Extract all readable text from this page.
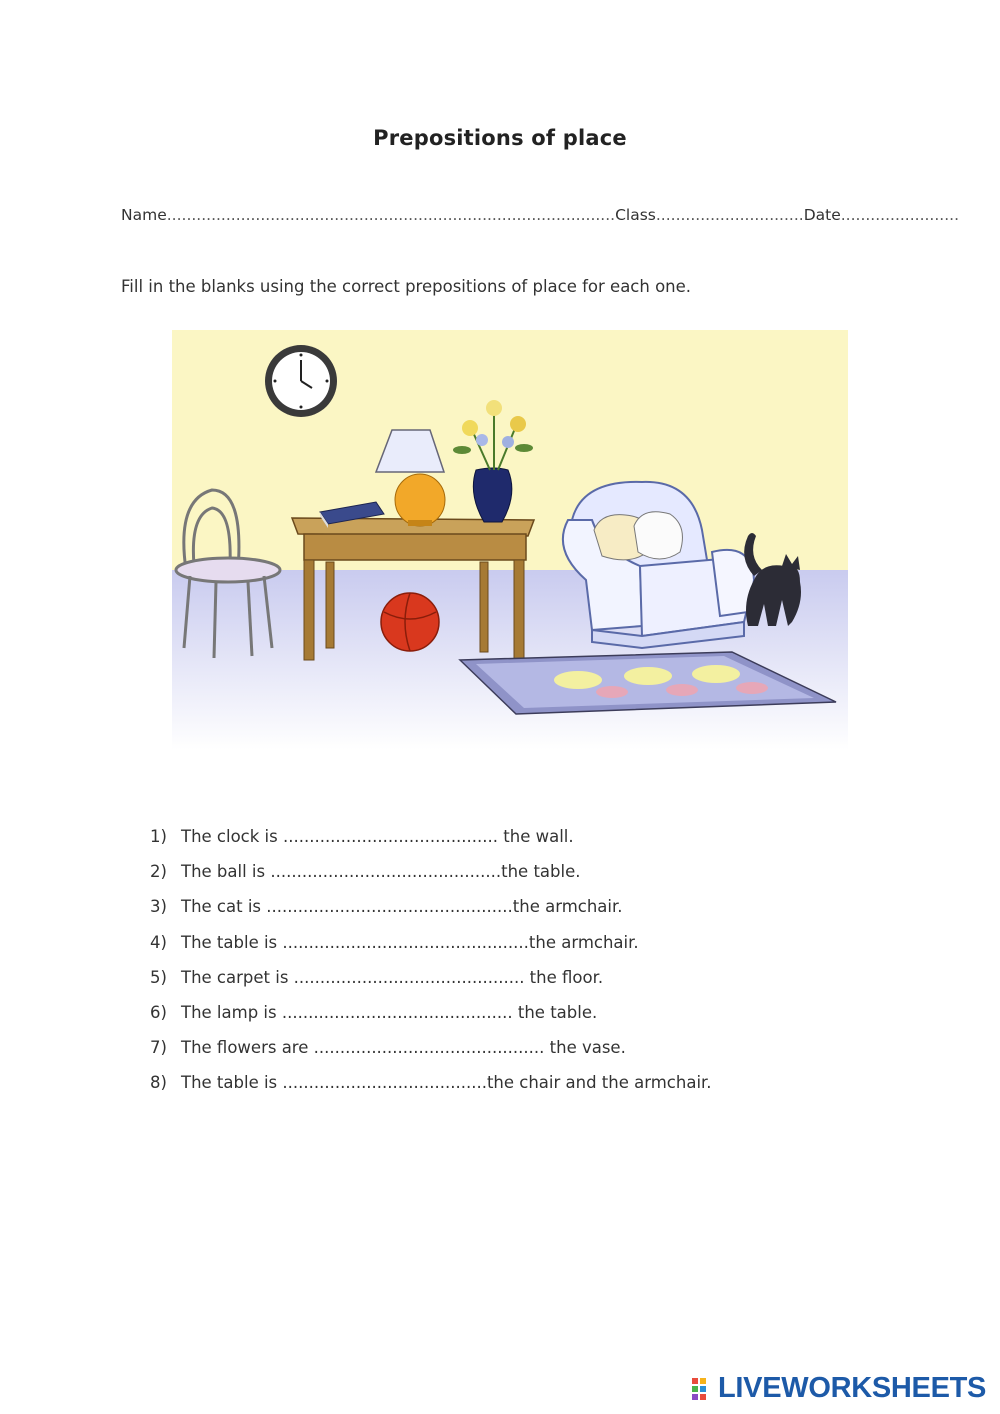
Prepositions of place
Name...........................................................................................Class..............................Date........................
Fill in the blanks using the correct prepositions of place for each one.
1) The clock is ......................................... the wall.
2) The ball is ............................................the table.
3) The cat is ...............................................the armchair.
4) The table is ...............................................the armchair.
5) The carpet is ............................................ the floor.
6) The lamp is ............................................ the table.
7) The flowers are ............................................ the vase.
8) The table is .......................................the chair and the armchair.
LIVEWORKSHEETS
